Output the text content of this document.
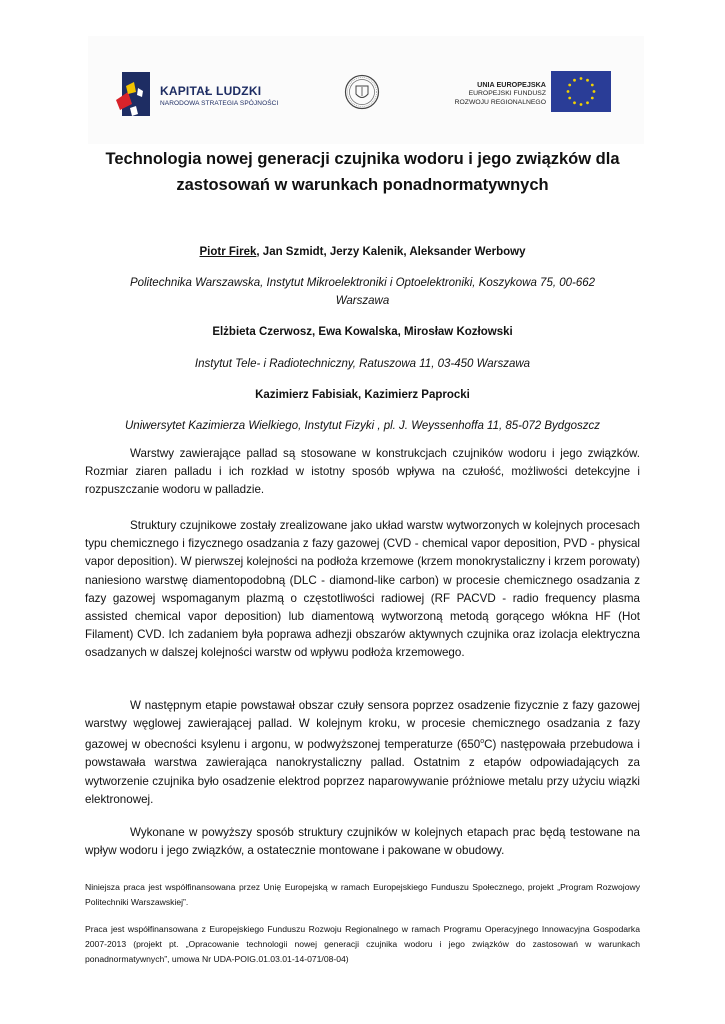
KAPITAŁ LUDZKI
NARODOWA STRATEGIA SPÓJNOŚCI
UNIA EUROPEJSKA
EUROPEJSKI FUNDUSZ
ROZWOJU REGIONALNEGO
Technologia nowej generacji czujnika wodoru i jego związków dla
zastosowań w warunkach ponadnormatywnych
Piotr Firek, Jan Szmidt, Jerzy Kalenik, Aleksander Werbowy
Politechnika Warszawska, Instytut Mikroelektroniki i Optoelektroniki, Koszykowa 75, 00-662
Warszawa
Elżbieta Czerwosz, Ewa Kowalska, Mirosław Kozłowski
Instytut Tele- i Radiotechniczny, Ratuszowa 11, 03-450 Warszawa
Kazimierz Fabisiak, Kazimierz Paprocki
Uniwersytet Kazimierza Wielkiego, Instytut Fizyki , pl. J. Weyssenhoffa 11, 85-072 Bydgoszcz
Warstwy zawierające pallad są stosowane w konstrukcjach czujników wodoru i jego związków. Rozmiar ziaren palladu i ich rozkład w istotny sposób wpływa na czułość, możliwości detekcyjne i rozpuszczanie wodoru w palladzie.
Struktury czujnikowe zostały zrealizowane jako układ warstw wytworzonych w kolejnych procesach typu chemicznego i fizycznego osadzania z fazy gazowej (CVD - chemical vapor deposition, PVD - physical vapor deposition). W pierwszej kolejności na podłoża krzemowe (krzem monokrystaliczny i krzem porowaty) naniesiono warstwę diamentopodobną (DLC - diamond-like carbon) w procesie chemicznego osadzania z fazy gazowej wspomaganym plazmą o częstotliwości radiowej (RF PACVD - radio frequency plasma assisted chemical vapor deposition) lub diamentową wytworzoną metodą gorącego włókna HF (Hot Filament) CVD. Ich zadaniem była poprawa adhezji obszarów aktywnych czujnika oraz izolacja elektryczna osadzanych w dalszej kolejności warstw od wpływu podłoża krzemowego.
W następnym etapie powstawał obszar czuły sensora poprzez osadzenie fizycznie z fazy gazowej warstwy węglowej zawierającej pallad. W kolejnym kroku, w procesie chemicznego osadzania z fazy gazowej w obecności ksylenu i argonu, w podwyższonej temperaturze (650$^o$C) następowała przebudowa i powstawała warstwa zawierająca nanokrystaliczny pallad. Ostatnim z etapów odpowiadających za wytworzenie czujnika było osadzenie elektrod poprzez naparowywanie próżniowe metalu przy użyciu wiązki elektronowej.
Wykonane w powyższy sposób struktury czujników w kolejnych etapach prac będą testowane na wpływ wodoru i jego związków, a ostatecznie montowane i pakowane w obudowy.
Niniejsza praca jest współfinansowana przez Unię Europejską w ramach Europejskiego Funduszu Społecznego, projekt „Program Rozwojowy Politechniki Warszawskiej”.
Praca jest współfinansowana z Europejskiego Funduszu Rozwoju Regionalnego w ramach Programu Operacyjnego Innowacyjna Gospodarka 2007-2013 (projekt pt. „Opracowanie technologii nowej generacji czujnika wodoru i jego związków do zastosowań w warunkach ponadnormatywnych”, umowa Nr UDA-POIG.01.03.01-14-071/08-04)
